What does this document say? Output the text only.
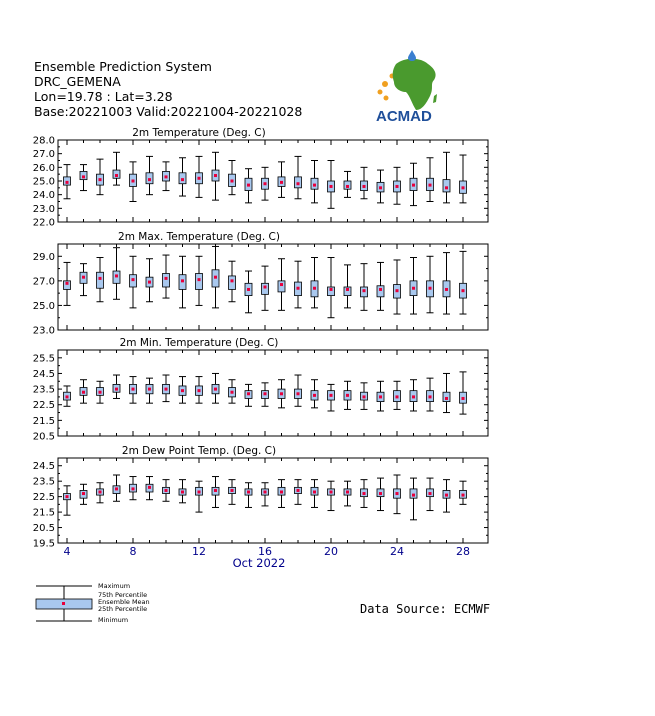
Ensemble Prediction System
DRC_GEMENA
Lon=19.78 : Lat=3.28
Base:20221003 Valid:20221004-20221028	ACMAD
2m Temperature (Deg. C)
28.0
27.0
26.0
25.0
24.0
23.0
22.0
2m Max. Temperature (Deg. C)
29.0
27.0
25.0
23.0
2m Min. Temperature (Deg. C)
25.5
24.5
23.5
22.5
21.5
20.5
2m Dew Point Temp. (Deg. C)
24.5
23.5
22.5
21.5
20.5
19.5
4	8	12	16	20	24	28
Oct 2022
Maximum
75th Percentile
Ensemble Mean
25th Percentile
Minimum
Data Source: ECMWF
